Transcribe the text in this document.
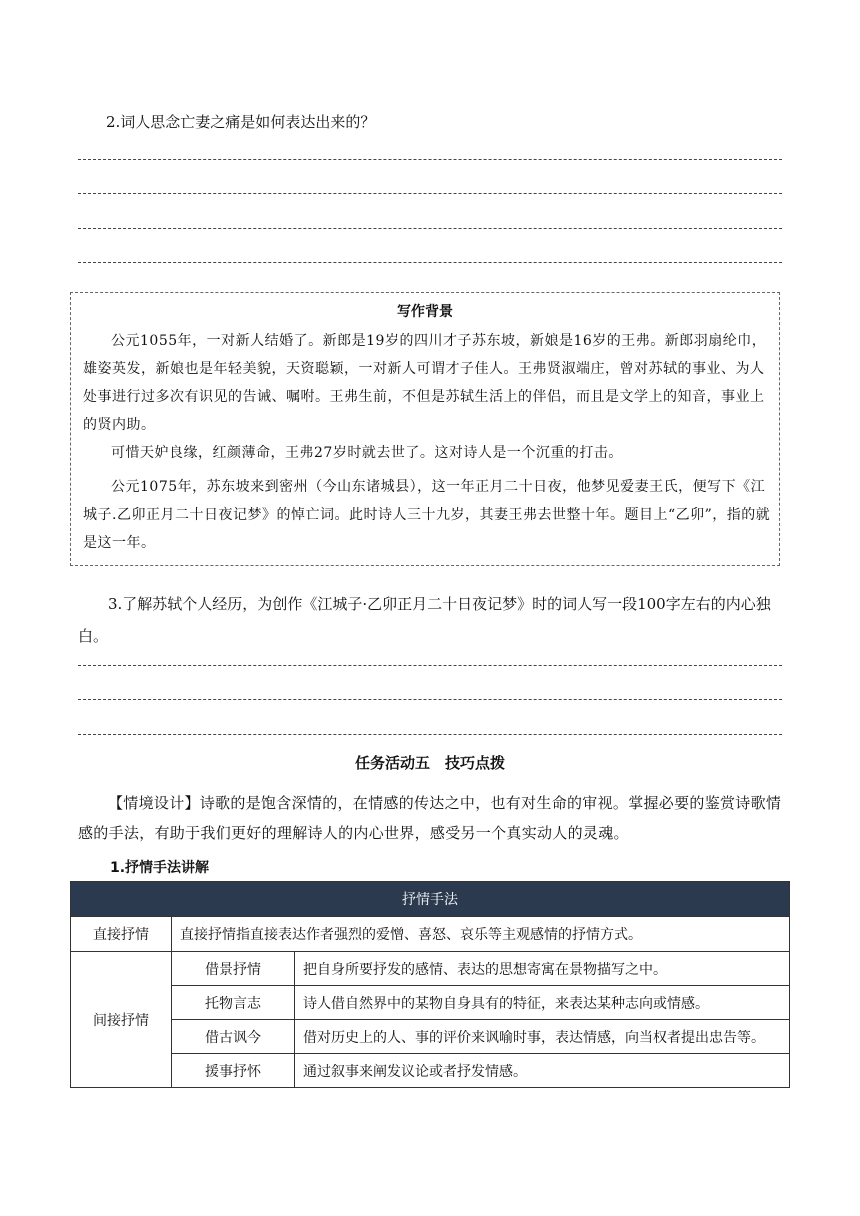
2.词人思念亡妻之痛是如何表达出来的？
写作背景

公元1055年，一对新人结婚了。新郎是19岁的四川才子苏东坡，新娘是16岁的王弗。新郎羽扇纶巾，雄姿英发，新娘也是年轻美貌，天资聪颖，一对新人可谓才子佳人。王弗贤淑端庄，曾对苏轼的事业、为人处事进行过多次有识见的告诫、嘱咐。王弗生前，不但是苏轼生活上的伴侣，而且是文学上的知音，事业上的贤内助。

可惜天妒良缘，红颜薄命，王弗27岁时就去世了。这对诗人是一个沉重的打击。

公元1075年，苏东坡来到密州（今山东诸城县），这一年正月二十日夜，他梦见爱妻王氏，便写下《江城子.乙卯正月二十日夜记梦》的悼亡词。此时诗人三十九岁，其妻王弗去世整十年。题目上“乙卯”，指的就是这一年。

3.了解苏轼个人经历，为创作《江城子·乙卯正月二十日夜记梦》时的词人写一段100字左右的内心独白。
任务活动五　技巧点拨

【情境设计】诗歌的是饱含深情的，在情感的传达之中，也有对生命的审视。掌握必要的鉴赏诗歌情感的手法，有助于我们更好的理解诗人的内心世界，感受另一个真实动人的灵魂。

1.抒情手法讲解
抒情手法		
直接抒情	直接抒情指直接表达作者强烈的爱憎、喜怒、哀乐等主观感情的抒情方式。	
间接抒情	借景抒情	把自身所要抒发的感情、表达的思想寄寓在景物描写之中。
	托物言志	诗人借自然界中的某物自身具有的特征，来表达某种志向或情感。
	借古讽今	借对历史上的人、事的评价来讽喻时事，表达情感，向当权者提出忠告等。
	援事抒怀	通过叙事来阐发议论或者抒发情感。
